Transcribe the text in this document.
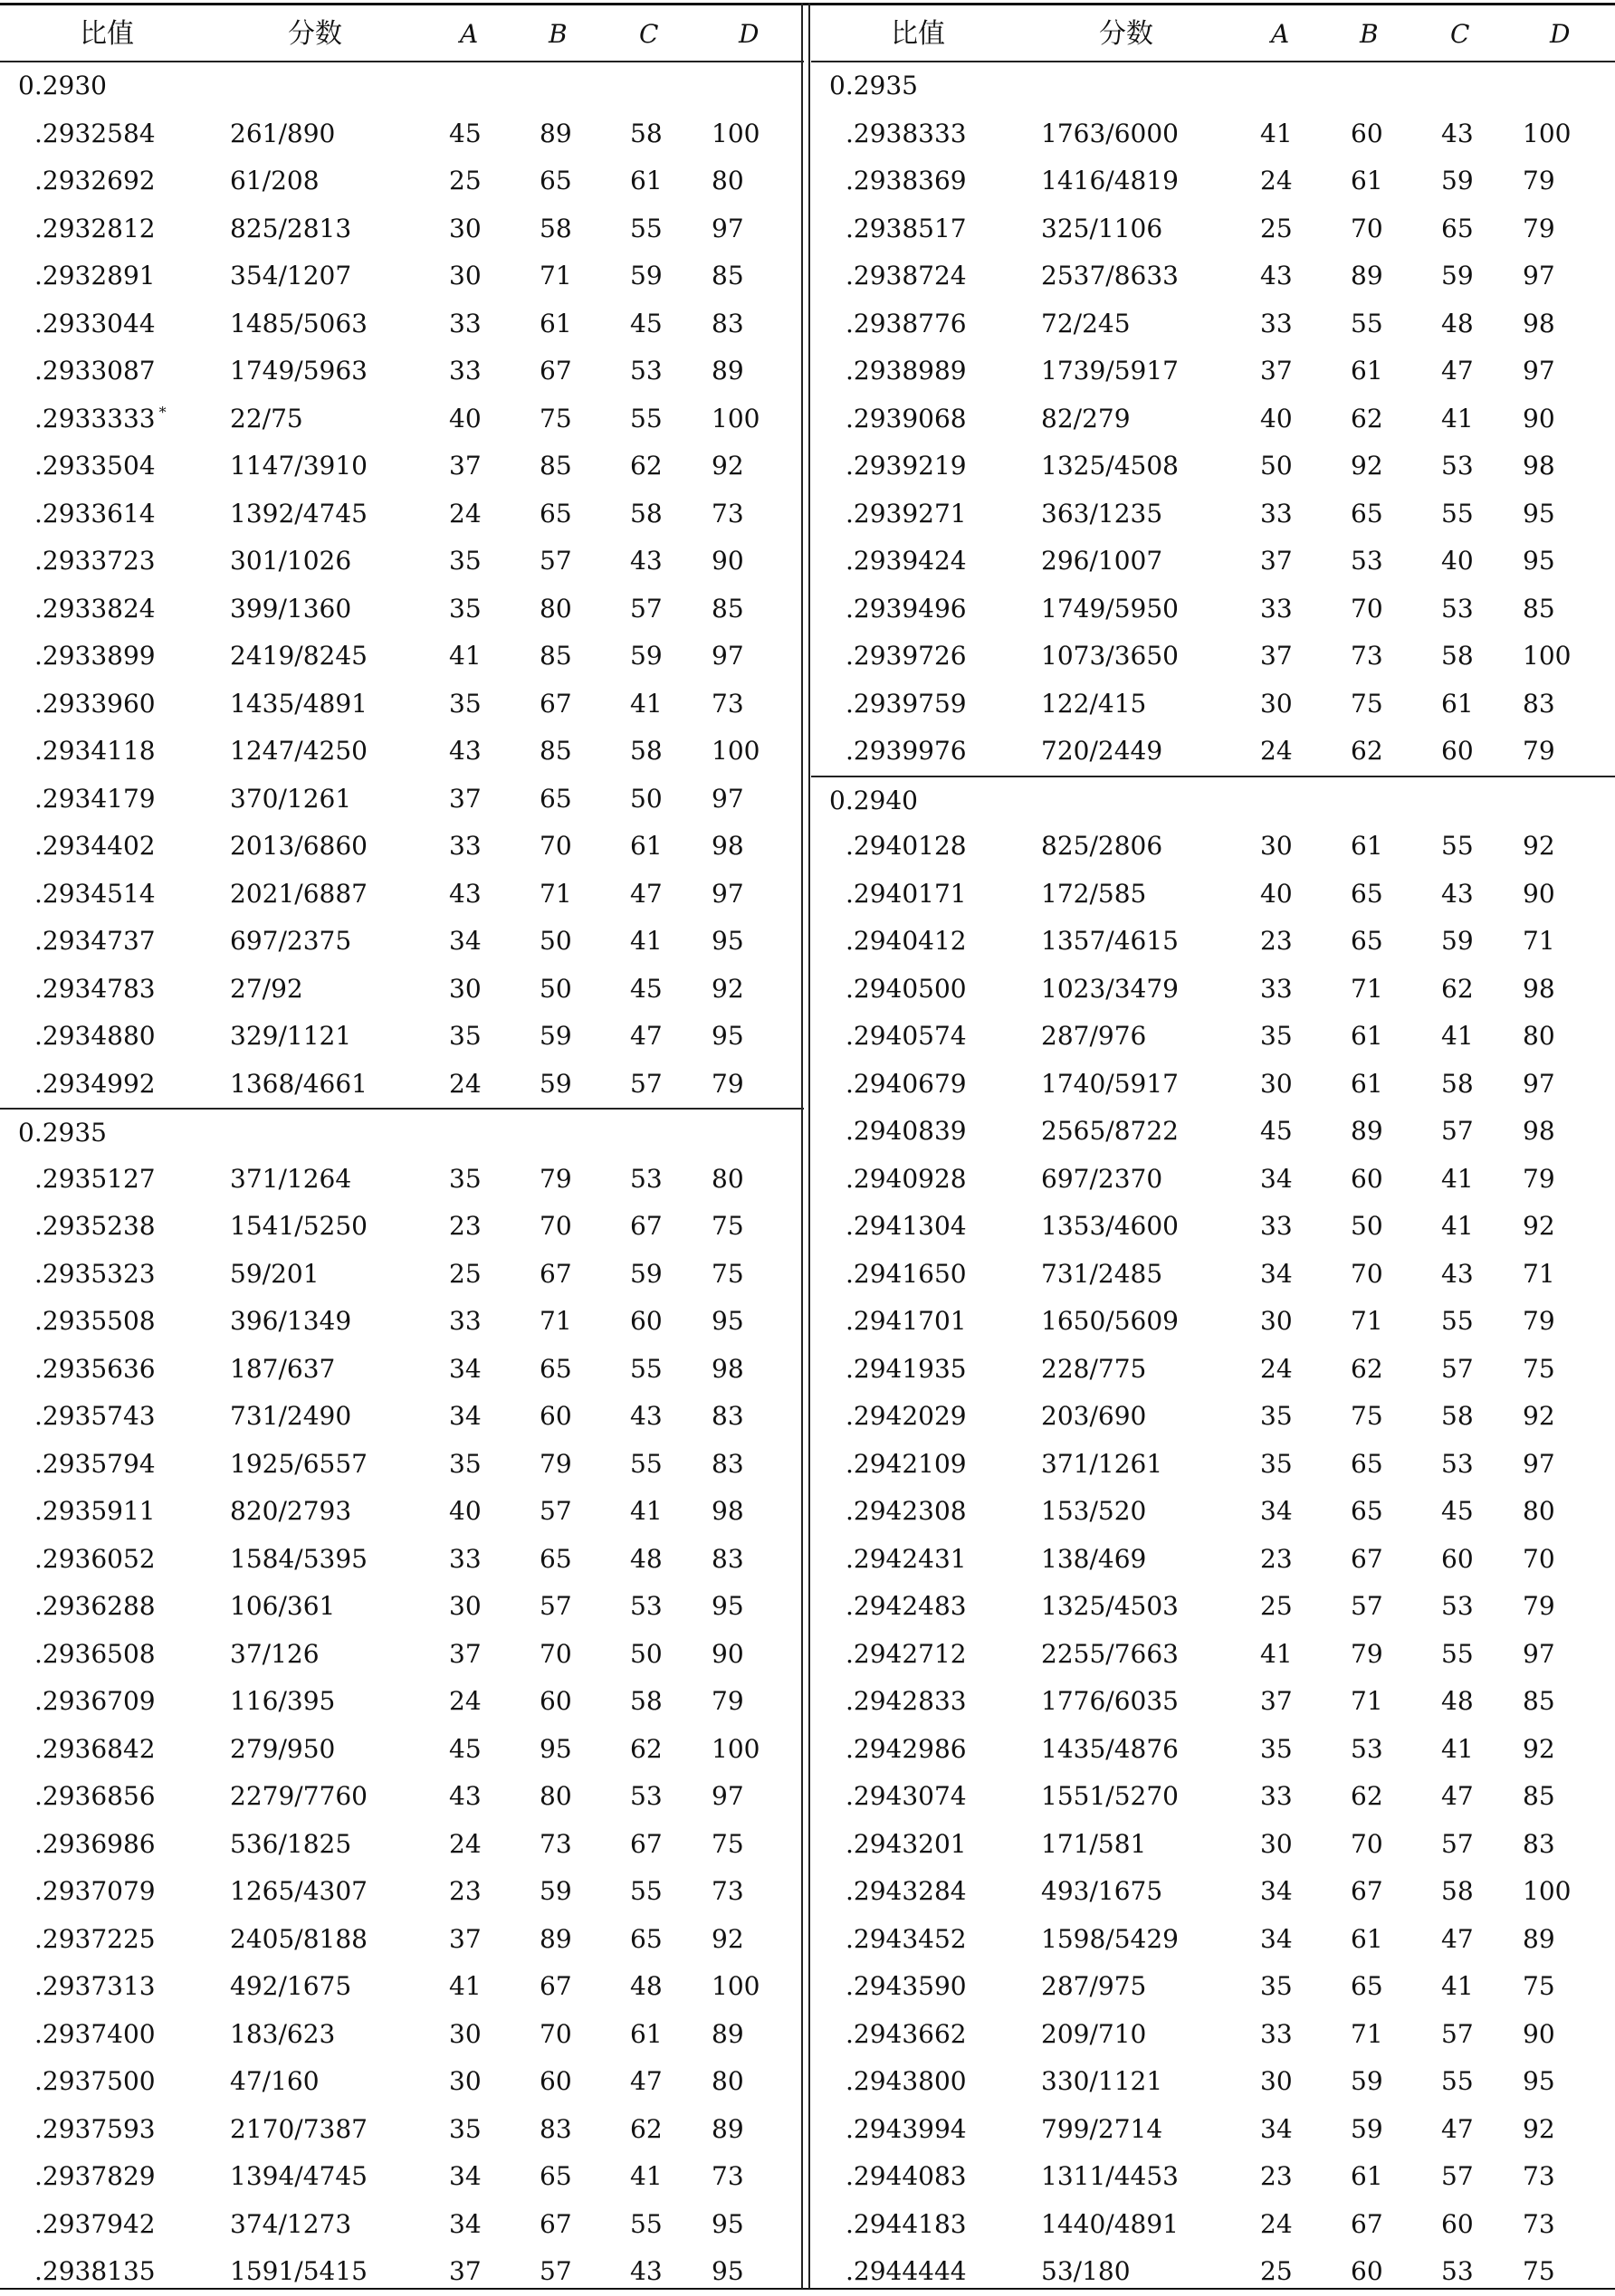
比值	分数	A	B	C	D
0.2930
.2932584	261/890	45 89 58 100
.2932692	61/208	25 65 61 80
.2932812	825/2813	30 58 55 97
.2932891	354/1207	30 71 59 85
.2933044	1485/5063	33 61 45 83
.2933087	1749/5963	33 67 53 89
.2933333 *	22/75	40 75 55 100
.2933504	1147/3910	37 85 62 92
.2933614	1392/4745	24 65 58 73
.2933723	301/1026	35 57 43 90
.2933824	399/1360	35 80 57 85
.2933899	2419/8245	41 85 59 97
.2933960	1435/4891	35 67 41 73
.2934118	1247/4250	43 85 58 100
.2934179	370/1261	37 65 50 97
.2934402	2013/6860	33 70 61 98
.2934514	2021/6887	43 71 47 97
.2934737	697/2375	34 50 41 95
.2934783	27/92	30 50 45 92
.2934880	329/1121	35 59 47 95
.2934992	1368/4661	24 59 57 79
0.2935
.2935127	371/1264	35 79 53 80
.2935238	1541/5250	23 70 67 75
.2935323	59/201	25 67 59 75
.2935508	396/1349	33 71 60 95
.2935636	187/637	34 65 55 98
.2935743	731/2490	34 60 43 83
.2935794	1925/6557	35 79 55 83
.2935911	820/2793	40 57 41 98
.2936052	1584/5395	33 65 48 83
.2936288	106/361	30 57 53 95
.2936508	37/126	37 70 50 90
.2936709	116/395	24 60 58 79
.2936842	279/950	45 95 62 100
.2936856	2279/7760	43 80 53 97
.2936986	536/1825	24 73 67 75
.2937079	1265/4307	23 59 55 73
.2937225	2405/8188	37 89 65 92
.2937313	492/1675	41 67 48 100
.2937400	183/623	30 70 61 89
.2937500	47/160	30 60 47 80
.2937593	2170/7387	35 83 62 89
.2937829	1394/4745	34 65 41 73
.2937942	374/1273	34 67 55 95
.2938135	1591/5415	37 57 43 95
比值	分数	A	B	C	D
0.2935
.2938333	1763/6000	41 60 43 100
.2938369	1416/4819	24 61 59 79
.2938517	325/1106	25 70 65 79
.2938724	2537/8633	43 89 59 97
.2938776	72/245	33 55 48 98
.2938989	1739/5917	37 61 47 97
.2939068	82/279	40 62 41 90
.2939219	1325/4508	50 92 53 98
.2939271	363/1235	33 65 55 95
.2939424	296/1007	37 53 40 95
.2939496	1749/5950	33 70 53 85
.2939726	1073/3650	37 73 58 100
.2939759	122/415	30 75 61 83
.2939976	720/2449	24 62 60 79
0.2940
.2940128	825/2806	30 61 55 92
.2940171	172/585	40 65 43 90
.2940412	1357/4615	23 65 59 71
.2940500	1023/3479	33 71 62 98
.2940574	287/976	35 61 41 80
.2940679	1740/5917	30 61 58 97
.2940839	2565/8722	45 89 57 98
.2940928	697/2370	34 60 41 79
.2941304	1353/4600	33 50 41 92
.2941650	731/2485	34 70 43 71
.2941701	1650/5609	30 71 55 79
.2941935	228/775	24 62 57 75
.2942029	203/690	35 75 58 92
.2942109	371/1261	35 65 53 97
.2942308	153/520	34 65 45 80
.2942431	138/469	23 67 60 70
.2942483	1325/4503	25 57 53 79
.2942712	2255/7663	41 79 55 97
.2942833	1776/6035	37 71 48 85
.2942986	1435/4876	35 53 41 92
.2943074	1551/5270	33 62 47 85
.2943201	171/581	30 70 57 83
.2943284	493/1675	34 67 58 100
.2943452	1598/5429	34 61 47 89
.2943590	287/975	35 65 41 75
.2943662	209/710	33 71 57 90
.2943800	330/1121	30 59 55 95
.2943994	799/2714	34 59 47 92
.2944083	1311/4453	23 61 57 73
.2944183	1440/4891	24 67 60 73
.2944444	53/180	25 60 53 75
